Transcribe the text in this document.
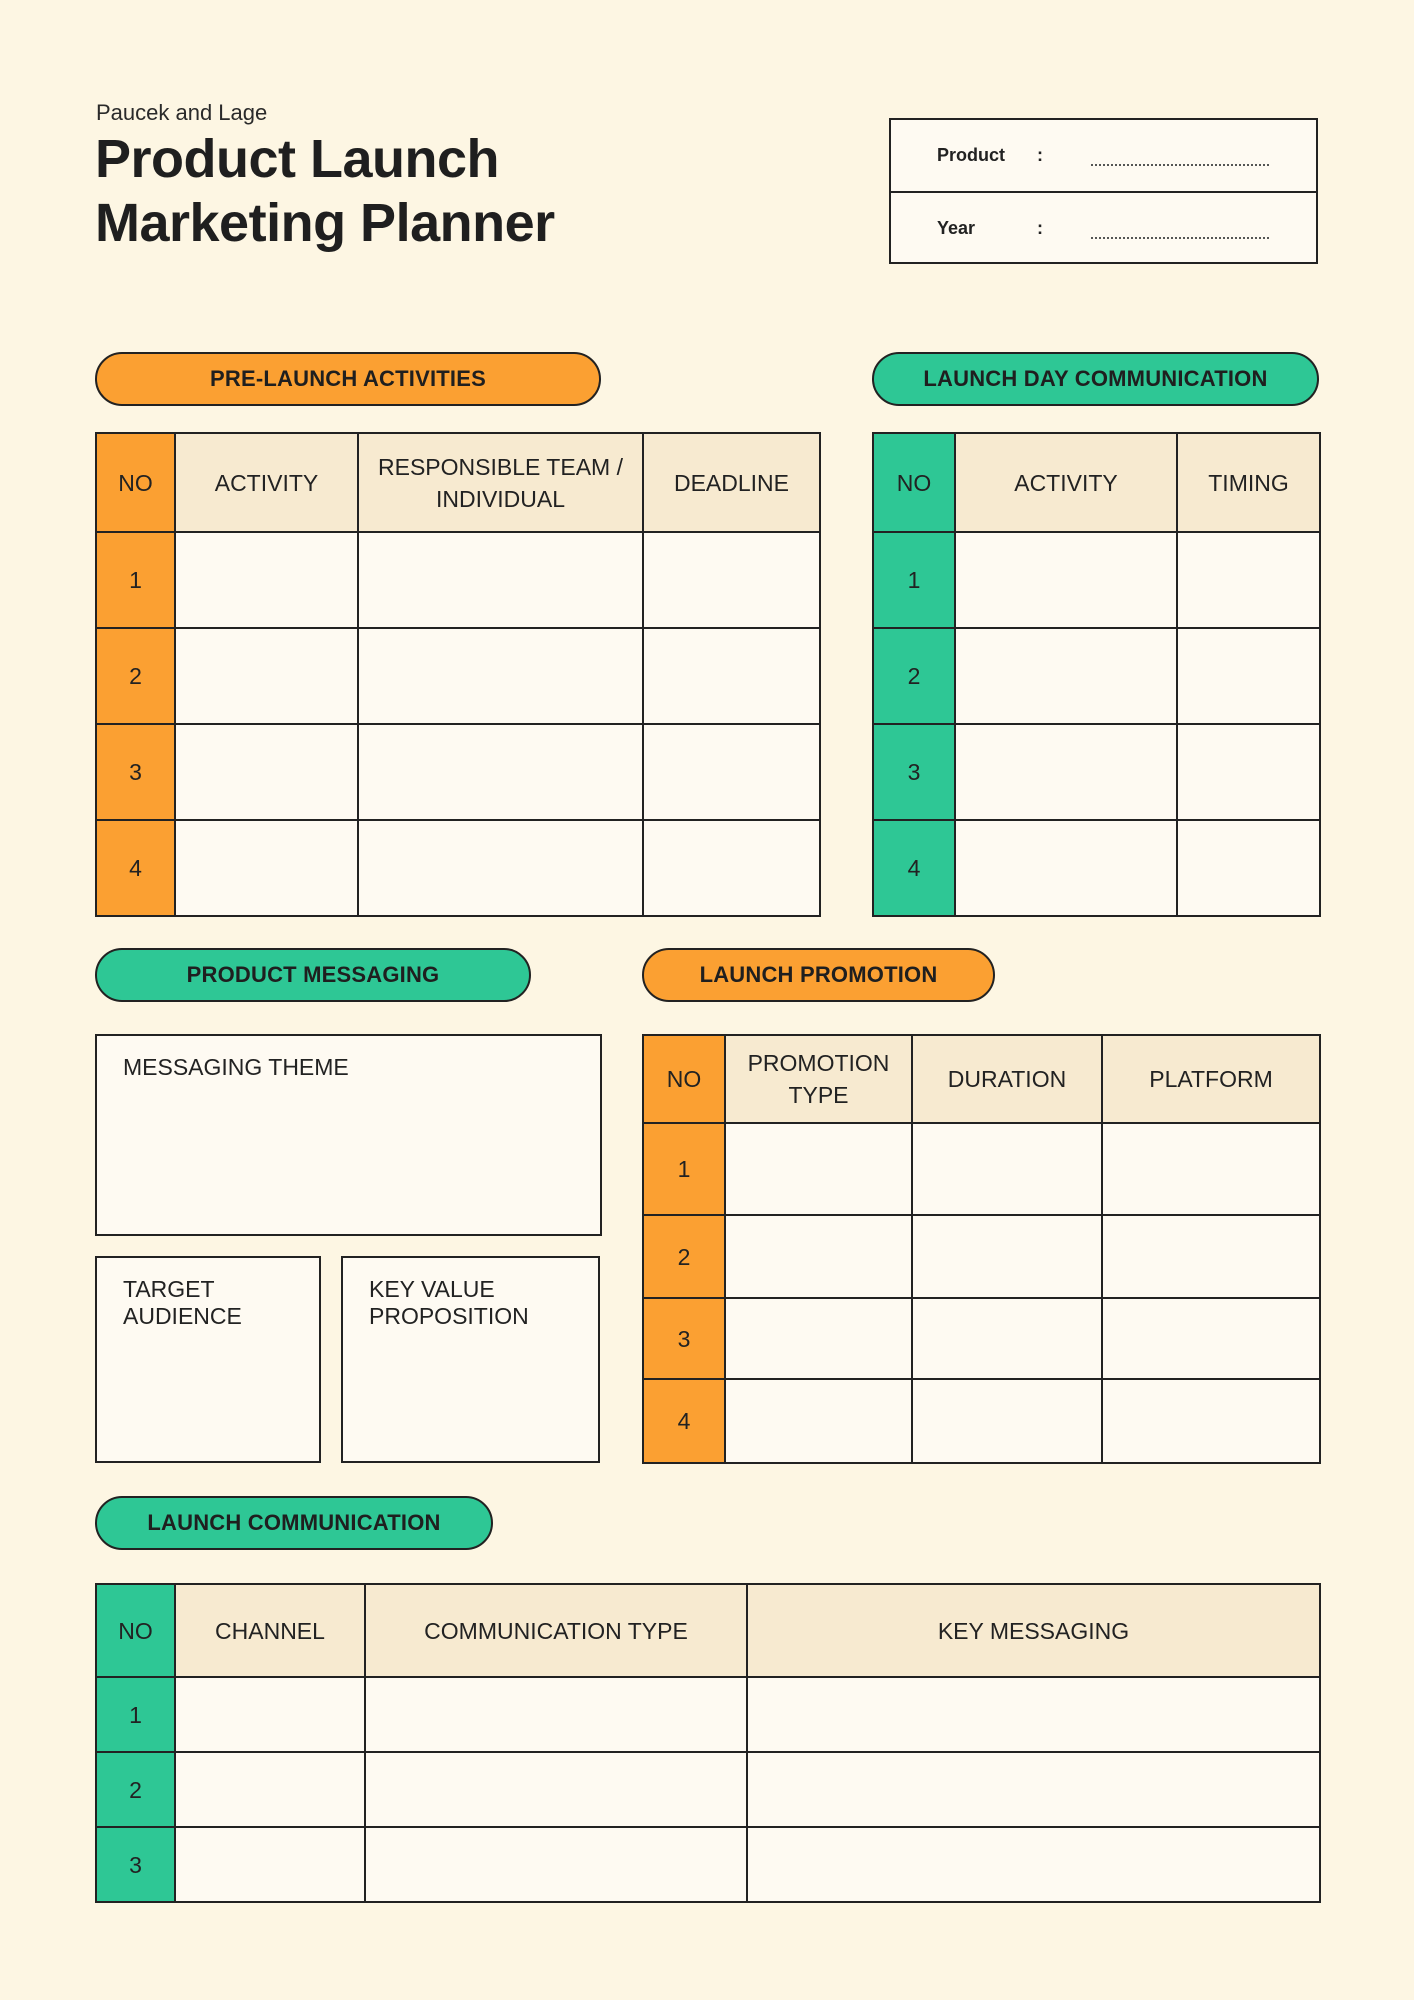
Paucek and Lage
Product Launch
Marketing Planner
Product	:
Year	:
PRE-LAUNCH ACTIVITIES
NO	ACTIVITY	RESPONSIBLE TEAM / INDIVIDUAL	DEADLINE
1			
2			
3			
4			
LAUNCH DAY COMMUNICATION
NO	ACTIVITY	TIMING
1		
2		
3		
4		
PRODUCT MESSAGING
MESSAGING THEME
TARGET AUDIENCE
KEY VALUE PROPOSITION
LAUNCH PROMOTION
NO	PROMOTION TYPE	DURATION	PLATFORM
1			
2			
3			
4			
LAUNCH COMMUNICATION
NO	CHANNEL	COMMUNICATION TYPE	KEY MESSAGING
1			
2			
3			
